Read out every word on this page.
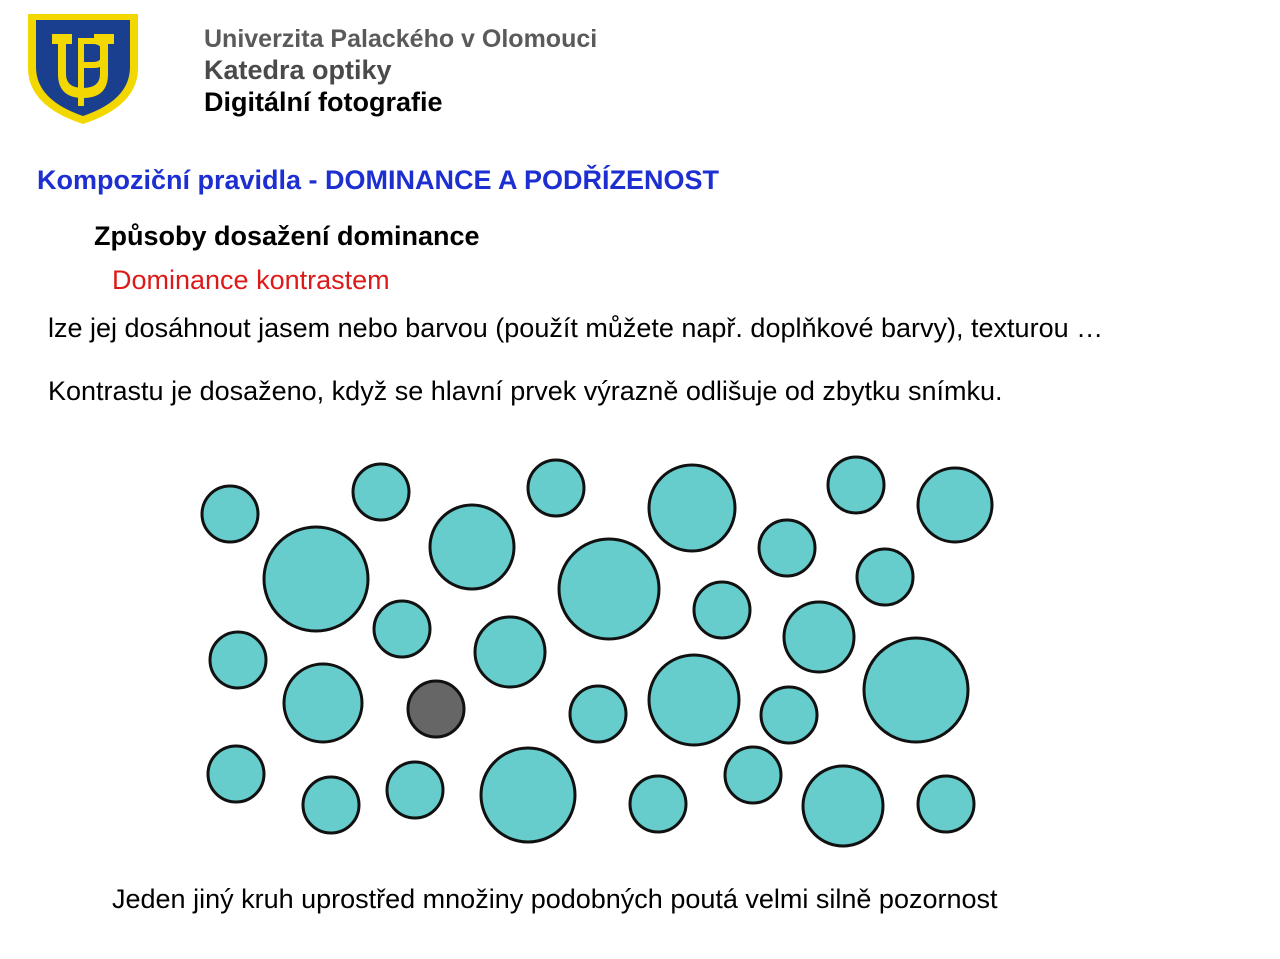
Univerzita Palackého v Olomouci
Katedra optiky
Digitální fotografie
Kompoziční pravidla - DOMINANCE A PODŘÍZENOST
Způsoby dosažení dominance
Dominance kontrastem
lze jej dosáhnout jasem nebo barvou (použít můžete např. doplňkové barvy), texturou …
Kontrastu je dosaženo, když se hlavní prvek výrazně odlišuje od zbytku snímku.
Jeden jiný kruh uprostřed množiny podobných poutá velmi silně pozornost
